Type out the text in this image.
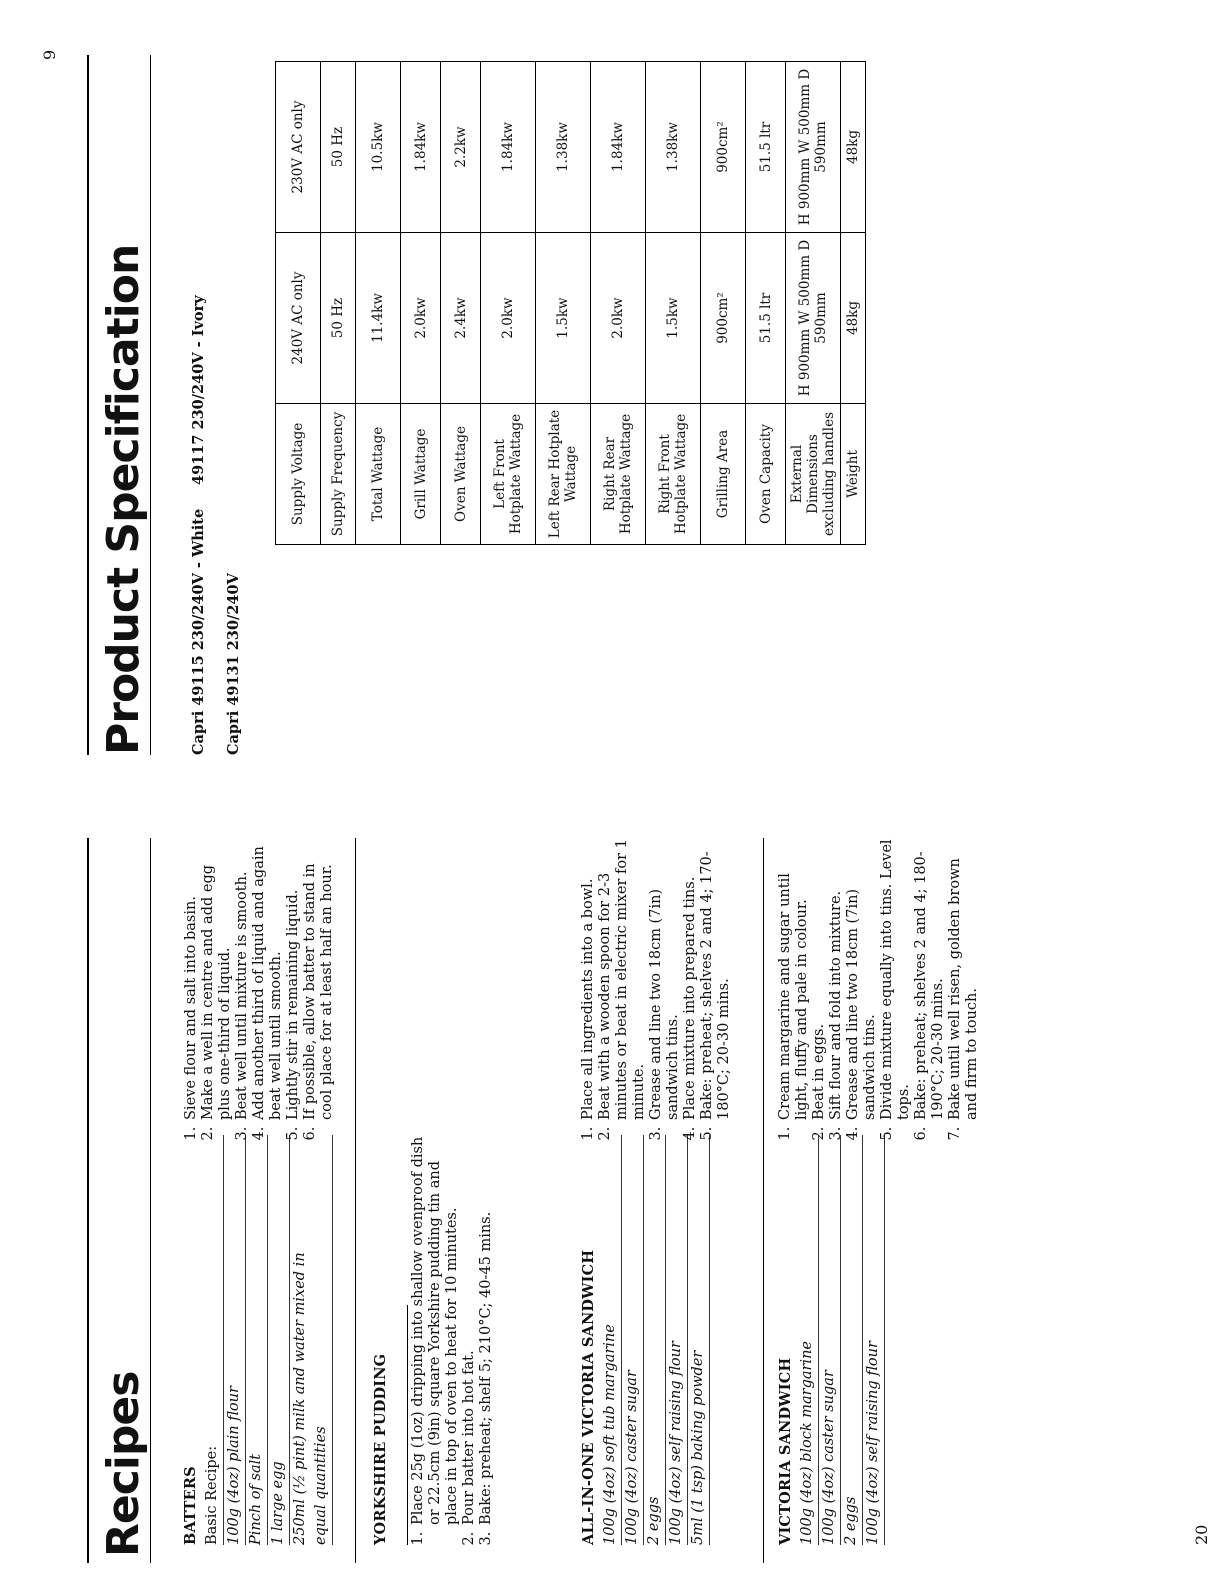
Recipes BATTERS Basic Recipe: 100g (4oz) plain flour Pinch of salt 1 large egg 250ml (½ pint) milk and water mixed in equal quantities
1. Sieve flour and salt into basin. 2. Make a well in centre and add egg plus one-third of liquid. 3. Beat well until mixture is smooth. 4. Add another third of liquid and again beat well until smooth. 5. Lightly stir in remaining liquid. 6. If possible, allow batter to stand in cool place for at least half an hour.
YORKSHIRE PUDDING 1. Place 25g (1oz) dripping into shallow ovenproof dish or 22.5cm (9in) square Yorkshire pudding tin and place in top of oven to heat for 10 minutes. 2. Pour batter into hot fat. 3. Bake: preheat; shelf 5; 210°C; 40-45 mins.	ALL-IN-ONE VICTORIA SANDWICH 100g (4oz) soft tub margarine 100g (4oz) caster sugar 2 eggs 100g (4oz) self raising flour 5ml (1 tsp) baking powder
1. Place all ingredients into a bowl. 2. Beat with a wooden spoon for 2-3 minutes or beat in electric mixer for 1 minute. 3. Grease and line two 18cm (7in) sandwich tins. 4. Place mixture into prepared tins. 5. Bake: preheat; shelves 2 and 4; 170-180°C; 20-30 mins.
VICTORIA SANDWICH 100g (4oz) block margarine 100g (4oz) caster sugar 2 eggs 100g (4oz) self raising flour
1. Cream margarine and sugar until light, fluffy and pale in colour. 2. Beat in eggs. 3. Sift flour and fold into mixture. 4. Grease and line two 18cm (7in) sandwich tins. 5. Divide mixture equally into tins. Level tops. 6. Bake: preheat; shelves 2 and 4; 180-190°C; 20-30 mins. 7. Bake until well risen, golden brown and firm to touch.
Product Specification	Capri 49115 230/240V - White
49117 230/240V - Ivory
Capri 49131 230/240V
Supply Voltage	240V AC only	230V AC only
Supply Frequency	50 Hz	50 Hz
Total Wattage	11.4kw	10.5kw
Grill Wattage	2.0kw	1.84kw
Oven Wattage	2.4kw	2.2kw
Left Front Hotplate Wattage	2.0kw	1.84kw
Left Rear Hotplate Wattage	1.5kw	1.38kw
Right Rear Hotplate Wattage	2.0kw	1.84kw
Right Front Hotplate Wattage	1.5kw	1.38kw
Grilling Area	900cm²	900cm²
Oven Capacity	51.5 ltr	51.5 ltr
External Dimensions excluding handles	H 900mm W 500mm D 590mm	H 900mm W 500mm D 590mm
Weight	48kg	48kg
20
9
